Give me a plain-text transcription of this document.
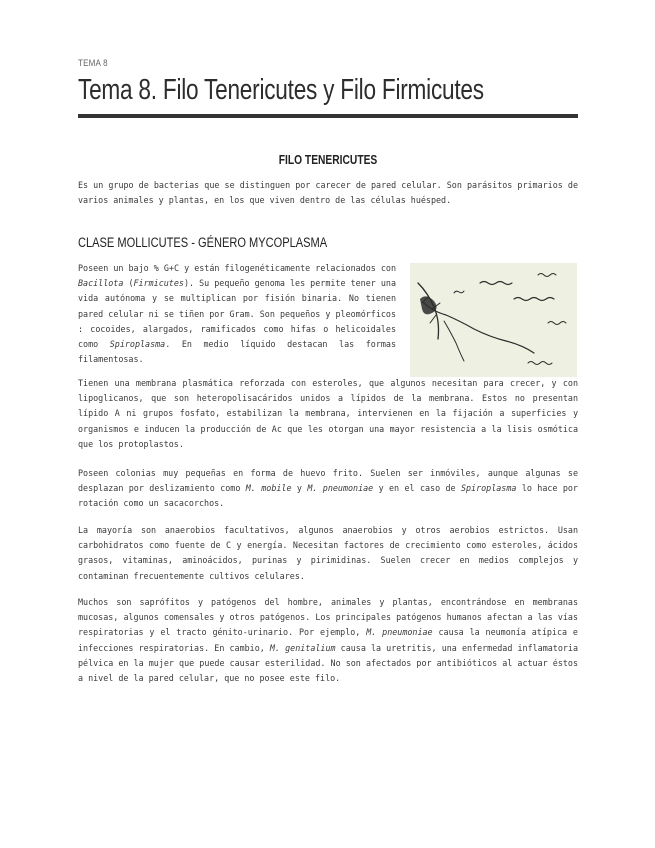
TEMA 8
Tema 8. Filo Tenericutes y Filo Firmicutes
FILO TENERICUTES

Es un grupo de bacterias que se distinguen por carecer de pared celular. Son parásitos primarios de varios animales y plantas, en los que viven dentro de las células huésped.

CLASE MOLLICUTES - GÉNERO MYCOPLASMA

Poseen un bajo % G+C y están filogenéticamente relacionados con Bacillota (Firmicutes). Su pequeño genoma les permite tener una vida autónoma y se multiplican por fisión binaria. No tienen pared celular ni se tiñen por Gram. Son pequeños y pleomórficos : cocoides, alargados, ramificados como hifas o helicoidales como Spiroplasma. En medio líquido destacan las formas filamentosas.

Tienen una membrana plasmática reforzada con esteroles, que algunos necesitan para crecer, y con lipoglicanos, que son heteropolisacáridos unidos a lípidos de la membrana. Estos no presentan lípido A ni grupos fosfato, estabilizan la membrana, intervienen en la fijación a superficies y organismos e inducen la producción de Ac que les otorgan una mayor resistencia a la lisis osmótica que los protoplastos.

Poseen colonias muy pequeñas en forma de huevo frito. Suelen ser inmóviles, aunque algunas se desplazan por deslizamiento como M. mobile y M. pneumoniae y en el caso de Spiroplasma lo hace por rotación como un sacacorchos.

La mayoría son anaerobios facultativos, algunos anaerobios y otros aerobios estrictos. Usan carbohidratos como fuente de C y energía. Necesitan factores de crecimiento como esteroles, ácidos grasos, vitaminas, aminoácidos, purinas y pirimidinas. Suelen crecer en medios complejos y contaminan frecuentemente cultivos celulares.

Muchos son saprófitos y patógenos del hombre, animales y plantas, encontrándose en membranas mucosas, algunos comensales y otros patógenos. Los principales patógenos humanos afectan a las vías respiratorias y el tracto génito-urinario. Por ejemplo, M. pneumoniae causa la neumonía atípica e infecciones respiratorias. En cambio, M. genitalium causa la uretritis, una enfermedad inflamatoria pélvica en la mujer que puede causar esterilidad. No son afectados por antibióticos al actuar éstos a nivel de la pared celular, que no posee este filo.
